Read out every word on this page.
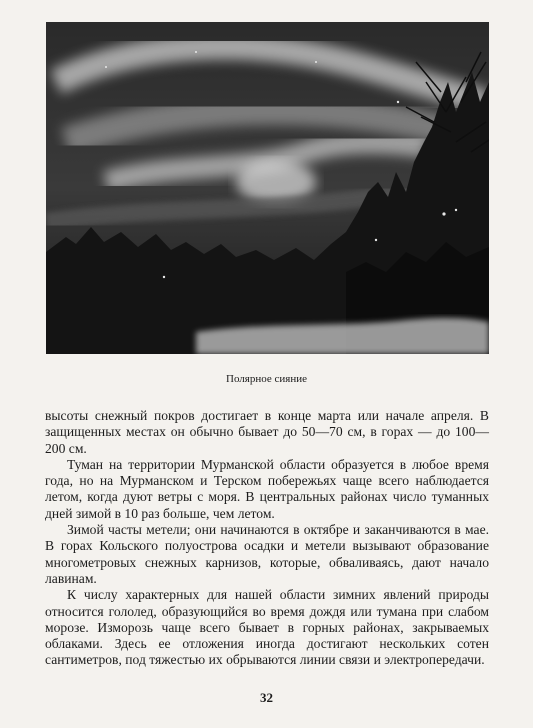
Полярное сияние

высоты снежный покров достигает в конце марта или начале апреля. В защищенных местах он обычно бывает до 50—70 см, в горах — до 100—200 см.

Туман на территории Мурманской области образуется в любое время года, но на Мурманском и Терском побережьях чаще всего наблюдается летом, когда дуют ветры с моря. В центральных районах число туманных дней зимой в 10 раз больше, чем летом.

Зимой часты метели; они начинаются в октябре и заканчиваются в мае. В горах Кольского полуострова осадки и метели вызывают образование многометровых снежных карнизов, которые, обваливаясь, дают начало лавинам.

К числу характерных для нашей области зимних явлений природы относится гололед, образующийся во время дождя или тумана при слабом морозе. Изморозь чаще всего бывает в горных районах, закрываемых облаками. Здесь ее отложения иногда достигают нескольких сотен сантиметров, под тяжестью их обрываются линии связи и электропередачи.

32
